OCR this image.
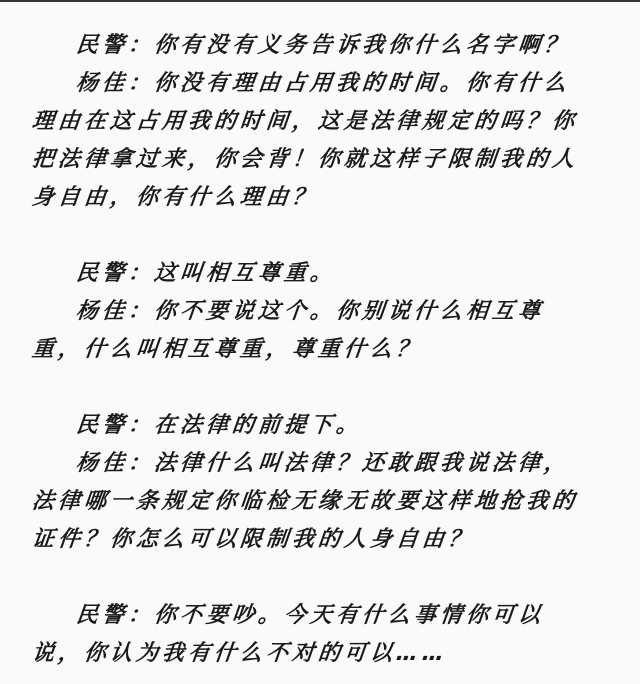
民警：你有没有义务告诉我你什么名字啊？
杨佳：你没有理由占用我的时间。你有什么
理由在这占用我的时间，这是法律规定的吗？你
把法律拿过来，你会背！你就这样子限制我的人
身自由，你有什么理由？
民警：这叫相互尊重。
杨佳：你不要说这个。你别说什么相互尊
重，什么叫相互尊重，尊重什么？
民警：在法律的前提下。
杨佳：法律什么叫法律？还敢跟我说法律，
法律哪一条规定你临检无缘无故要这样地抢我的
证件？你怎么可以限制我的人身自由？
民警：你不要吵。今天有什么事情你可以
说，你认为我有什么不对的可以……
